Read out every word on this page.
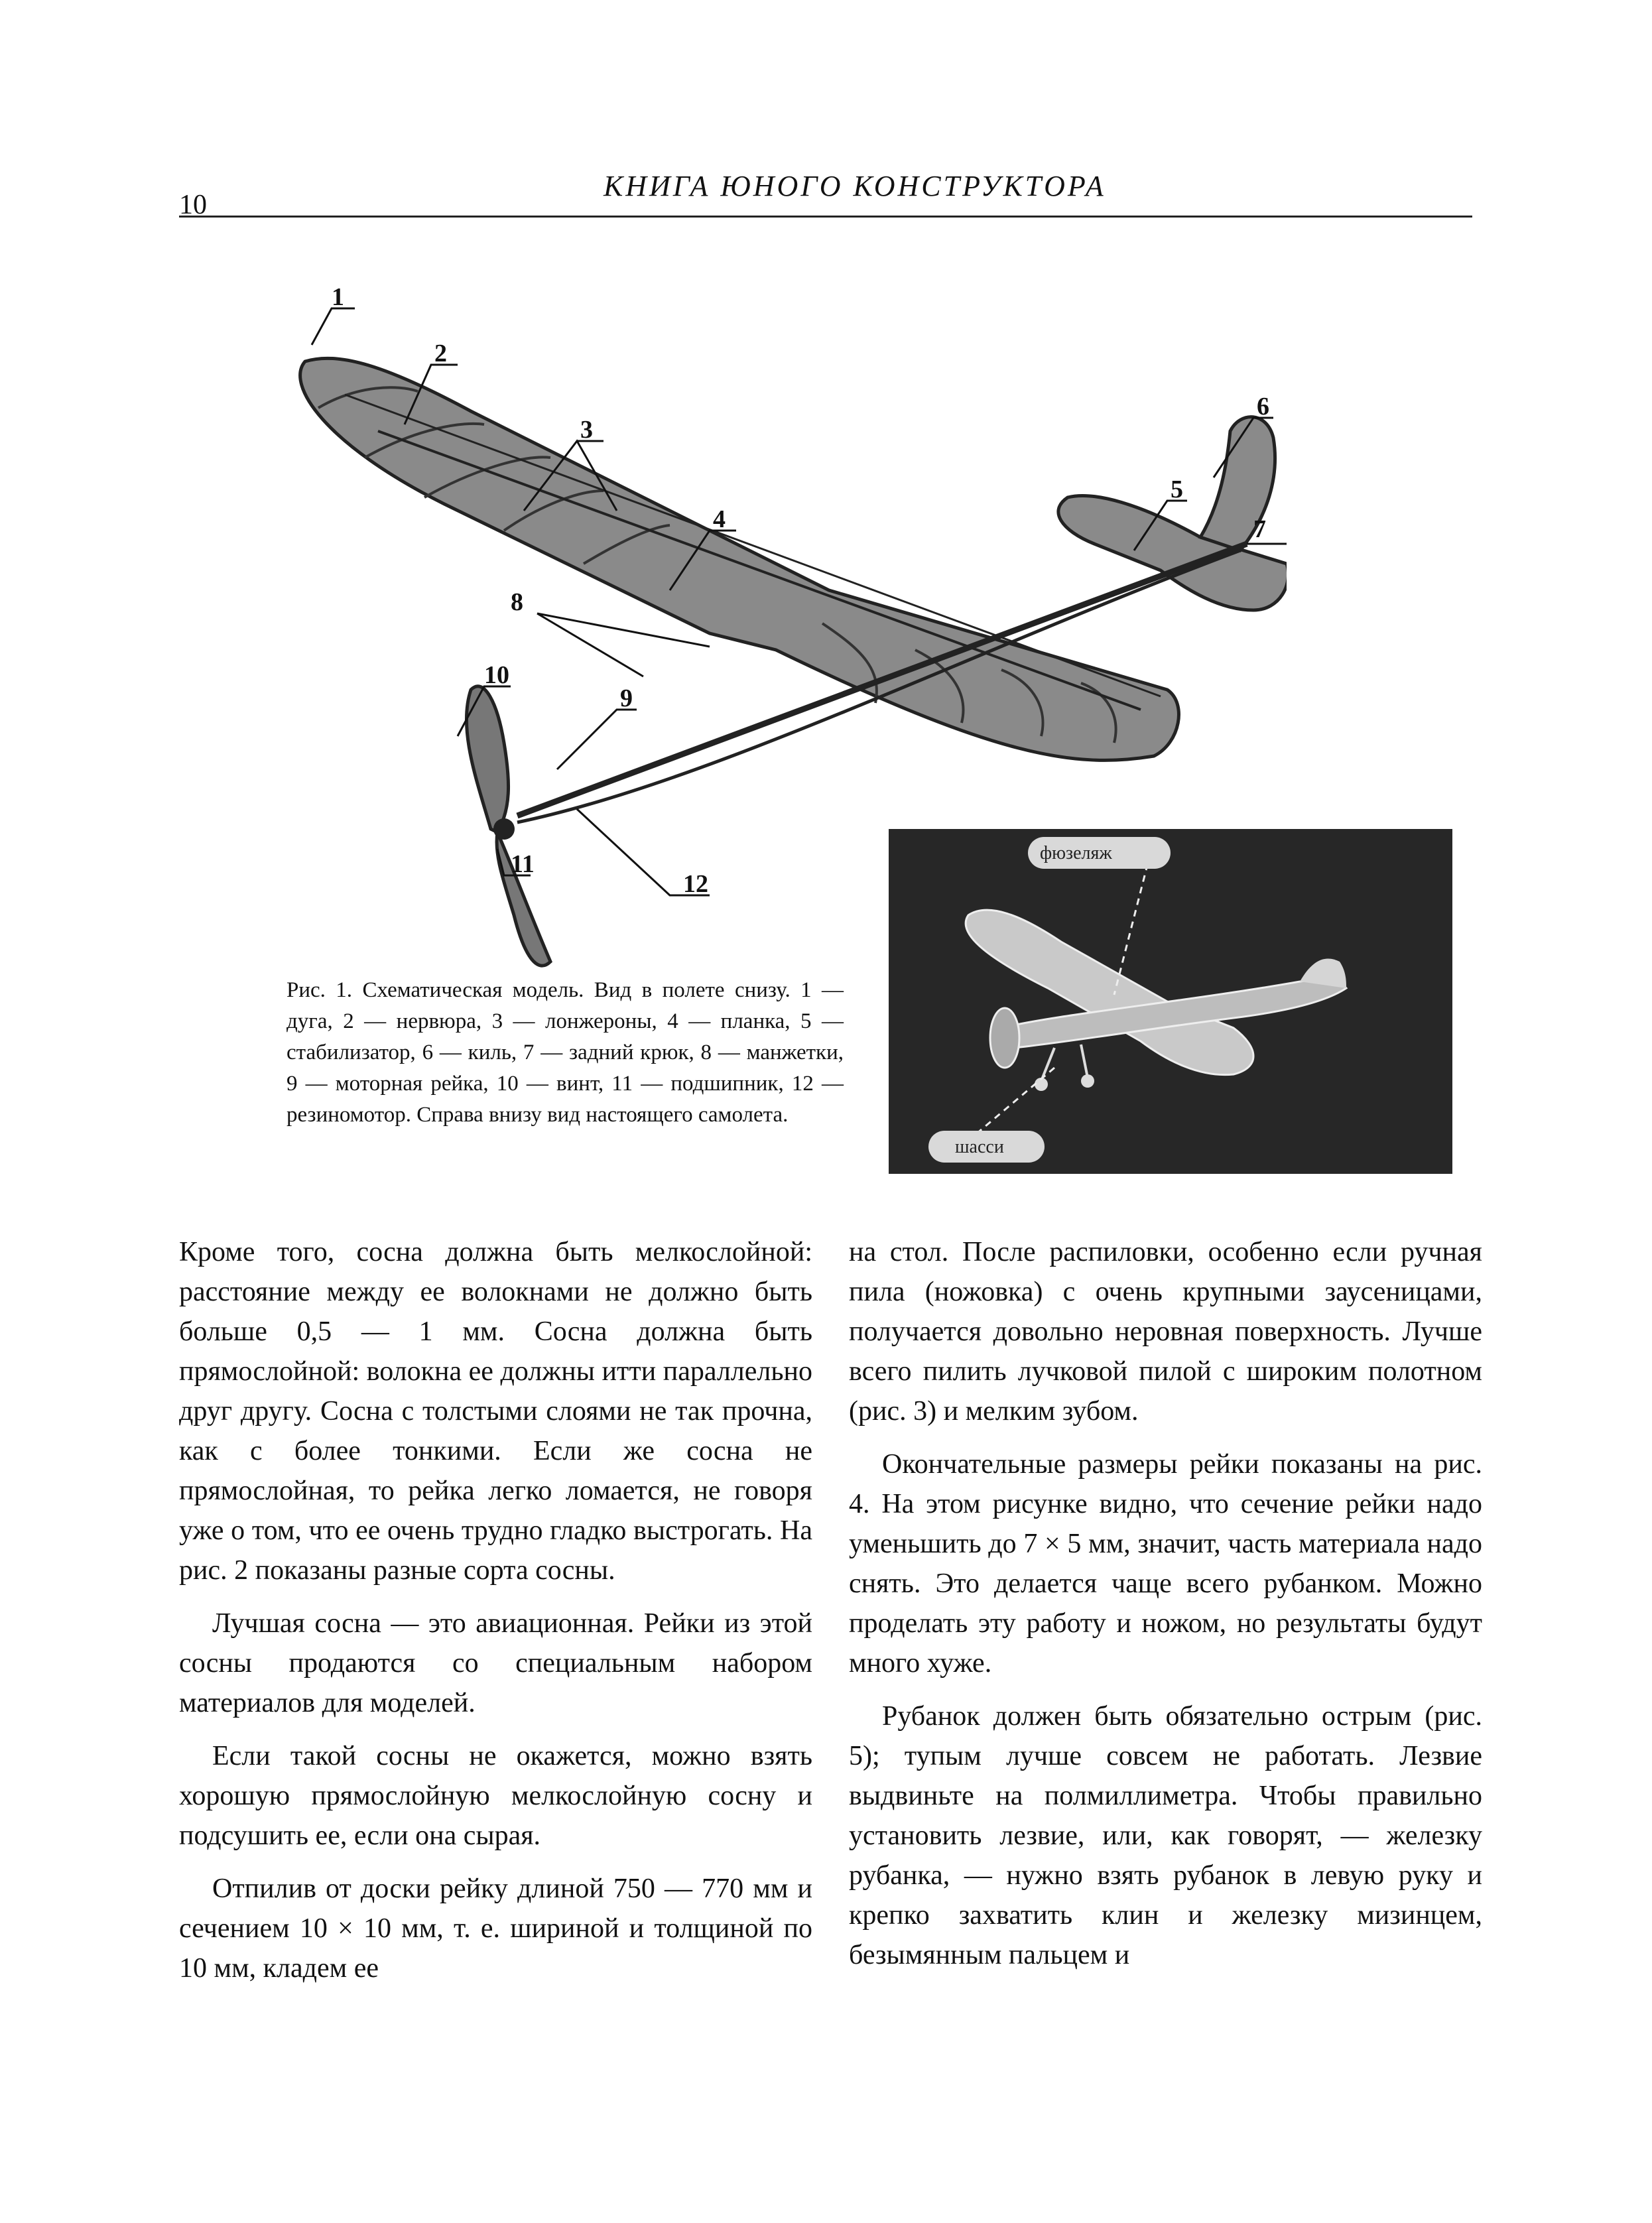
10
КНИГА ЮНОГО КОНСТРУКТОРА
1
2
3
4
5
6
7
8
9
10
11
12

Рис. 1. Схематическая модель. Вид в полете снизу. 1 — дуга, 2 — нервюра, 3 — лонжероны, 4 — планка, 5 — стабилизатор, 6 — киль, 7 — задний крюк, 8 — манжетки, 9 — моторная рейка, 10 — винт, 11 — подшипник, 12 — резиномотор. Справа внизу вид настоящего самолета.

фюзеляж
шасси

Кроме того, сосна должна быть мелкослойной: расстояние между ее волокнами не должно быть больше 0,5 — 1 мм. Сосна должна быть прямослойной: волокна ее должны итти параллельно друг другу. Сосна с толстыми слоями не так прочна, как с более тонкими. Если же сосна не прямослойная, то рейка легко ломается, не говоря уже о том, что ее очень трудно гладко выстрогать. На рис. 2 показаны разные сорта сосны.

Лучшая сосна — это авиационная. Рейки из этой сосны продаются со специальным набором материалов для моделей.

Если такой сосны не окажется, можно взять хорошую прямослойную мелкослойную сосну и подсушить ее, если она сырая.

Отпилив от доски рейку длиной 750 — 770 мм и сечением 10 × 10 мм, т. е. шириной и толщиной по 10 мм, кладем ее

на стол. После распиловки, особенно если ручная пила (ножовка) с очень крупными заусеницами, получается довольно неровная поверхность. Лучше всего пилить лучковой пилой с широким полотном (рис. 3) и мелким зубом.

Окончательные размеры рейки показаны на рис. 4. На этом рисунке видно, что сечение рейки надо уменьшить до 7 × 5 мм, значит, часть материала надо снять. Это делается чаще всего рубанком. Можно проделать эту работу и ножом, но результаты будут много хуже.

Рубанок должен быть обязательно острым (рис. 5); тупым лучше совсем не работать. Лезвие выдвиньте на полмиллиметра. Чтобы правильно установить лезвие, или, как говорят, — железку рубанка, — нужно взять рубанок в левую руку и крепко захватить клин и железку мизинцем, безымянным пальцем и
